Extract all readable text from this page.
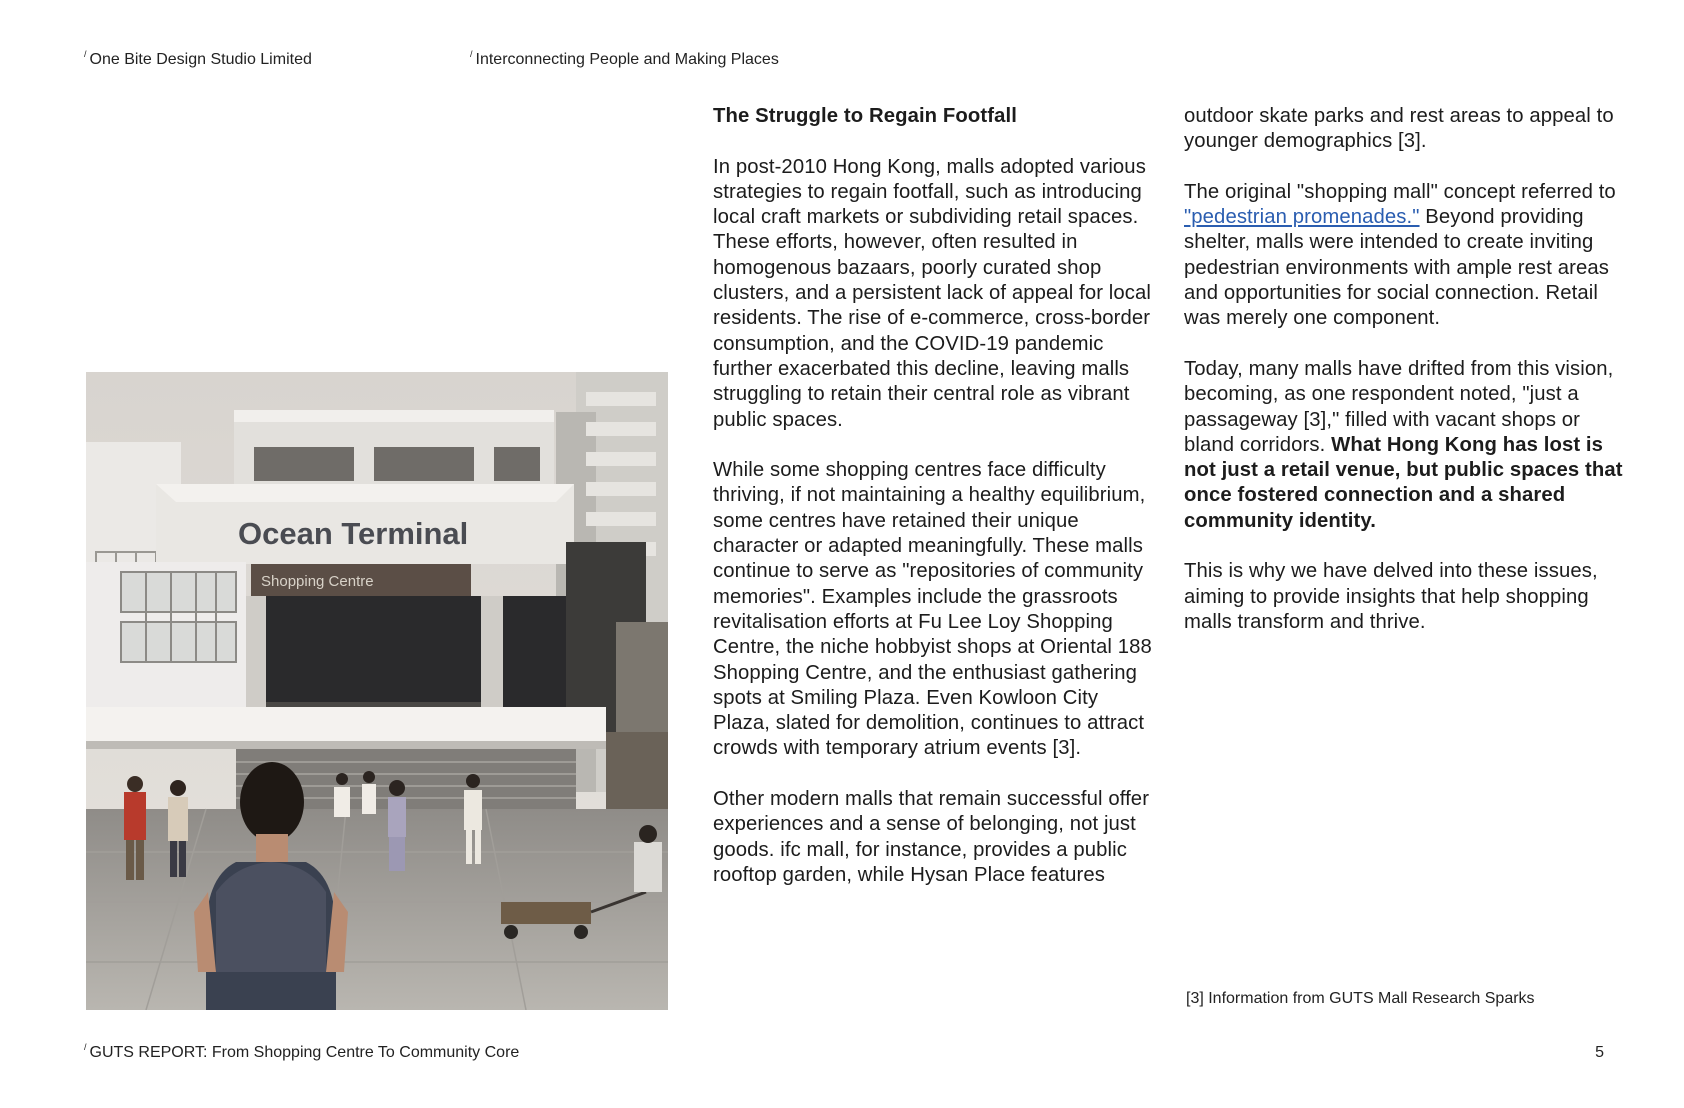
/ One Bite Design Studio Limited	/ Interconnecting People and Making Places
Ocean Terminal
Shopping Centre
The Struggle to Regain Footfall

In post-2010 Hong Kong, malls adopted various strategies to regain footfall, such as introducing local craft markets or subdividing retail spaces. These efforts, however, often resulted in homogenous bazaars, poorly curated shop clusters, and a persistent lack of appeal for local residents. The rise of e-commerce, cross-border consumption, and the COVID-19 pandemic further exacerbated this decline, leaving malls struggling to retain their central role as vibrant public spaces.

While some shopping centres face difficulty thriving, if not maintaining a healthy equilibrium, some centres have retained their unique character or adapted meaningfully. These malls continue to serve as "repositories of community memories". Examples include the grassroots revitalisation efforts at Fu Lee Loy Shopping Centre, the niche hobbyist shops at Oriental 188 Shopping Centre, and the enthusiast gathering spots at Smiling Plaza. Even Kowloon City Plaza, slated for demolition, continues to attract crowds with temporary atrium events [3].

Other modern malls that remain successful offer experiences and a sense of belonging, not just goods. ifc mall, for instance, provides a public rooftop garden, while Hysan Place features

outdoor skate parks and rest areas to appeal to younger demographics [3].

The original "shopping mall" concept referred to "pedestrian promenades." Beyond providing shelter, malls were intended to create inviting pedestrian environments with ample rest areas and opportunities for social connection. Retail was merely one component.

Today, many malls have drifted from this vision, becoming, as one respondent noted, "just a passageway [3]," filled with vacant shops or bland corridors. What Hong Kong has lost is not just a retail venue, but public spaces that once fostered connection and a shared community identity.

This is why we have delved into these issues, aiming to provide insights that help shopping malls transform and thrive.

[3] Information from GUTS Mall Research Sparks
/ GUTS REPORT: From Shopping Centre To Community Core	5
